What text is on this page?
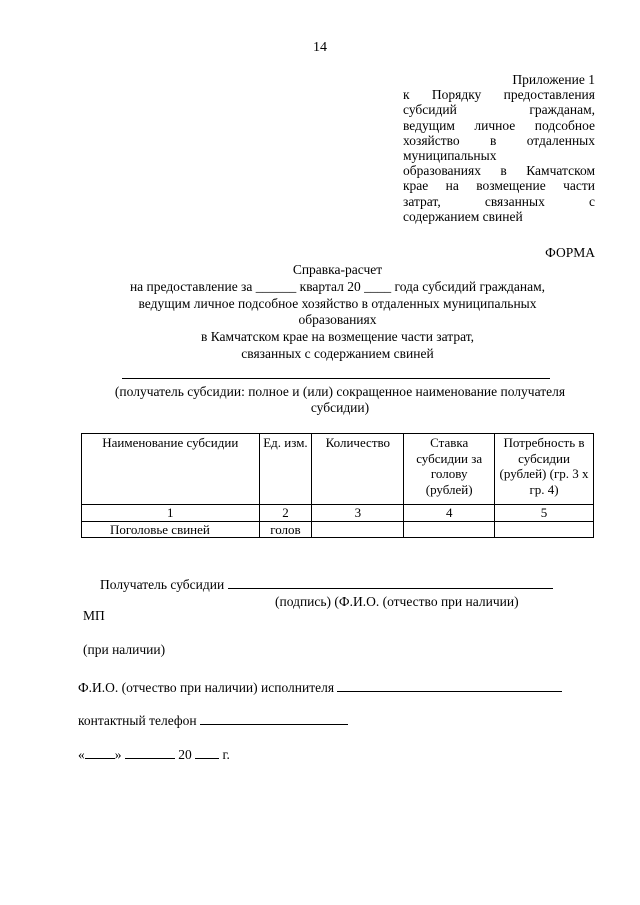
14
Приложение 1
к Порядку предоставления
субсидий гражданам,
ведущим личное подсобное
хозяйство в отдаленных
муниципальных
образованиях в Камчатском
крае на возмещение части
затрат, связанных с
содержанием свиней
ФОРМА
Справка-расчет
на предоставление за ______ квартал 20 ____ года субсидий гражданам,
ведущим личное подсобное хозяйство в отдаленных муниципальных
образованиях
в Камчатском крае на возмещение части затрат,
связанных с содержанием свиней
(получатель субсидии: полное и (или) сокращенное наименование получателя
субсидии)
Наименование субсидии	Ед. изм.	Количество	Ставка субсидии за голову (рублей)	Потребность в субсидии (рублей) (гр. 3 x гр. 4)
1	2	3	4	5
Поголовье свиней	голов			
Получатель субсидии
(подпись) (Ф.И.О. (отчество при наличии)
МП
(при наличии)
Ф.И.О. (отчество при наличии) исполнителя
контактный телефон
« »	20 г.
